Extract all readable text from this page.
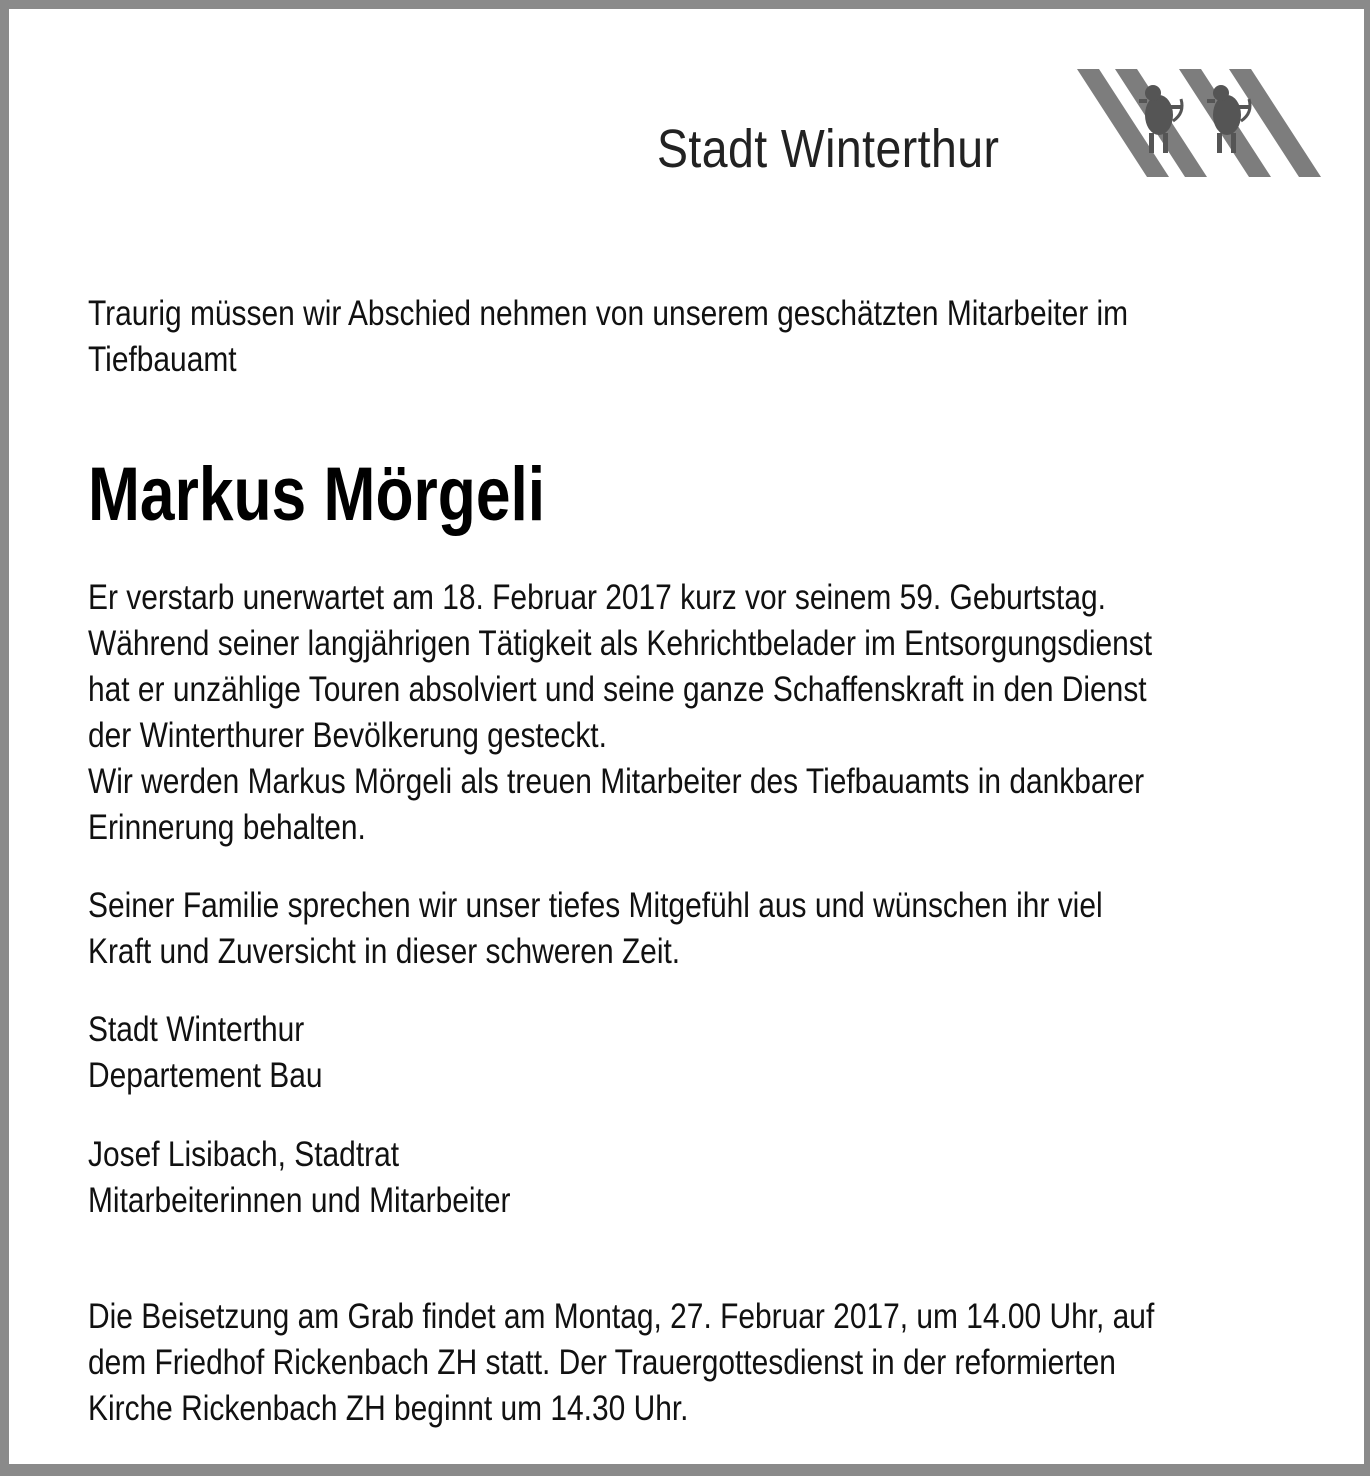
Stadt Winterthur

Traurig müssen wir Abschied nehmen von unserem geschätzten Mitarbeiter im

Tiefbauamt

Markus Mörgeli

Er verstarb unerwartet am 18. Februar 2017 kurz vor seinem 59. Geburtstag.

Während seiner langjährigen Tätigkeit als Kehrichtbelader im Entsorgungsdienst

hat er unzählige Touren absolviert und seine ganze Schaffenskraft in den Dienst

der Winterthurer Bevölkerung gesteckt.

Wir werden Markus Mörgeli als treuen Mitarbeiter des Tiefbauamts in dankbarer

Erinnerung behalten.

Seiner Familie sprechen wir unser tiefes Mitgefühl aus und wünschen ihr viel

Kraft und Zuversicht in dieser schweren Zeit.

Stadt Winterthur

Departement Bau

Josef Lisibach, Stadtrat

Mitarbeiterinnen und Mitarbeiter

Die Beisetzung am Grab findet am Montag, 27. Februar 2017, um 14.00 Uhr, auf

dem Friedhof Rickenbach ZH statt. Der Trauergottesdienst in der reformierten

Kirche Rickenbach ZH beginnt um 14.30 Uhr.
